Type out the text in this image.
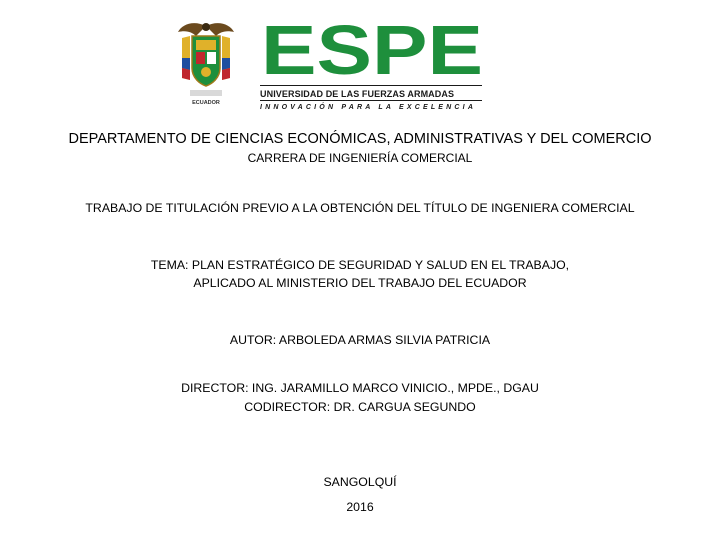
ECUADOR
ESPE
UNIVERSIDAD DE LAS FUERZAS ARMADAS
INNOVACIÓN PARA LA EXCELENCIA
DEPARTAMENTO DE CIENCIAS ECONÓMICAS, ADMINISTRATIVAS Y DEL COMERCIO
CARRERA DE INGENIERÍA COMERCIAL
TRABAJO DE TITULACIÓN PREVIO A LA OBTENCIÓN DEL TÍTULO DE INGENIERA COMERCIAL
TEMA: PLAN ESTRATÉGICO DE SEGURIDAD Y SALUD EN EL TRABAJO,
APLICADO AL MINISTERIO DEL TRABAJO DEL ECUADOR
AUTOR: ARBOLEDA ARMAS SILVIA PATRICIA
DIRECTOR: ING. JARAMILLO MARCO VINICIO., MPDE., DGAU
CODIRECTOR: DR. CARGUA SEGUNDO
SANGOLQUÍ
2016
